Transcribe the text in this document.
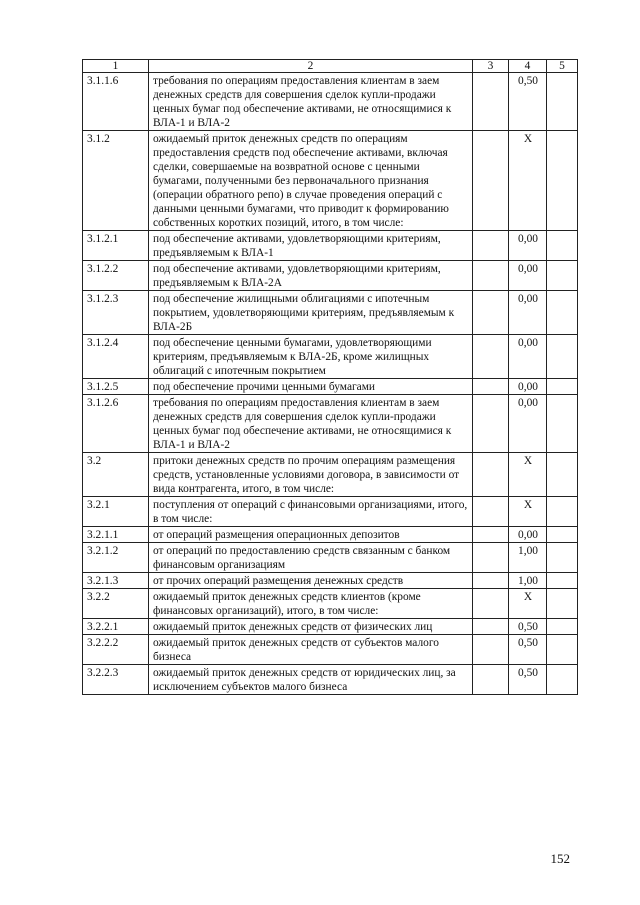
1	2	3	4	5
3.1.1.6	требования по операциям предоставления клиентам в заем денежных средств для совершения сделок купли-продажи ценных бумаг под обеспечение активами, не относящимися к ВЛА-1 и ВЛА-2		0,50	
3.1.2	ожидаемый приток денежных средств по операциям предоставления средств под обеспечение активами, включая сделки, совершаемые на возвратной основе с ценными бумагами, полученными без первоначального признания (операции обратного репо) в случае проведения операций с данными ценными бумагами, что приводит к формированию собственных коротких позиций, итого, в том числе:		X	
3.1.2.1	под обеспечение активами, удовлетворяющими критериям, предъявляемым к ВЛА-1		0,00	
3.1.2.2	под обеспечение активами, удовлетворяющими критериям, предъявляемым к ВЛА-2А		0,00	
3.1.2.3	под обеспечение жилищными облигациями с ипотечным покрытием, удовлетворяющими критериям, предъявляемым к ВЛА-2Б		0,00	
3.1.2.4	под обеспечение ценными бумагами, удовлетворяющими критериям, предъявляемым к ВЛА-2Б, кроме жилищных облигаций с ипотечным покрытием		0,00	
3.1.2.5	под обеспечение прочими ценными бумагами		0,00	
3.1.2.6	требования по операциям предоставления клиентам в заем денежных средств для совершения сделок купли-продажи ценных бумаг под обеспечение активами, не относящимися к ВЛА-1 и ВЛА-2		0,00	
3.2	притоки денежных средств по прочим операциям размещения средств, установленные условиями договора, в зависимости от вида контрагента, итого, в том числе:		X	
3.2.1	поступления от операций с финансовыми организациями, итого, в том числе:		X	
3.2.1.1	от операций размещения операционных депозитов		0,00	
3.2.1.2	от операций по предоставлению средств связанным с банком финансовым организациям		1,00	
3.2.1.3	от прочих операций размещения денежных средств		1,00	
3.2.2	ожидаемый приток денежных средств клиентов (кроме финансовых организаций), итого, в том числе:		X	
3.2.2.1	ожидаемый приток денежных средств от физических лиц		0,50	
3.2.2.2	ожидаемый приток денежных средств от субъектов малого бизнеса		0,50	
3.2.2.3	ожидаемый приток денежных средств от юридических лиц, за исключением субъектов малого бизнеса		0,50	
152
